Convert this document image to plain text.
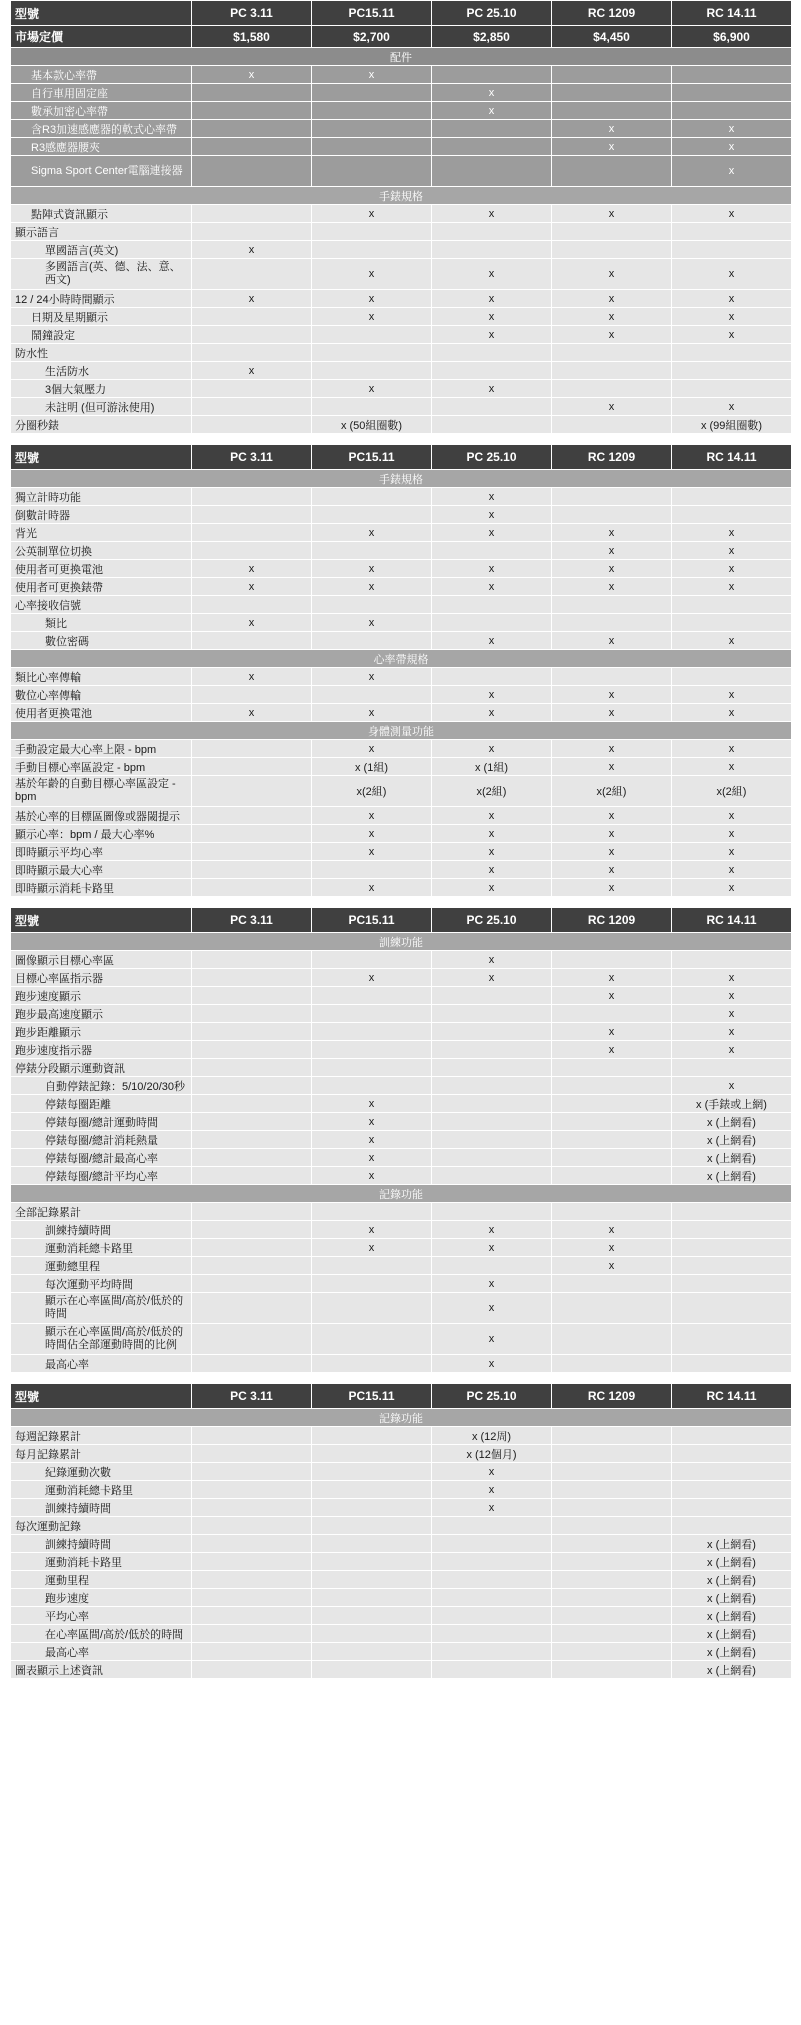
型號	PC 3.11	PC15.11	PC 25.10	RC 1209	RC 14.11
市場定價	$1,580	$2,700	$2,850	$4,450	$6,900
配件					
基本款心率帶	x	x			
自行車用固定座			x		
數承加密心率帶			x		
含R3加速感應器的軟式心率帶				x	x
R3感應器腰夾				x	x
Sigma Sport Center電腦連接器					x
手錶規格					
點陣式資訊顯示		x	x	x	x
顯示語言					
單國語言(英文)	x				
多國語言(英、德、法、意、西文)		x	x	x	x
12 / 24小時時間顯示	x	x	x	x	x
日期及星期顯示		x	x	x	x
鬧鐘設定			x	x	x
防水性					
生活防水	x				
3個大氣壓力		x	x		
未註明 (但可游泳使用)				x	x
分圈秒錶		x (50組圈數)			x (99組圈數)
型號	PC 3.11	PC15.11	PC 25.10	RC 1209	RC 14.11
手錶規格					
獨立計時功能			x		
倒數計時器			x		
背光		x	x	x	x
公英制單位切換				x	x
使用者可更換電池	x	x	x	x	x
使用者可更換錶帶	x	x	x	x	x
心率接收信號					
類比	x	x			
數位密碼			x	x	x
心率帶規格					
類比心率傳輸	x	x			
數位心率傳輸			x	x	x
使用者更換電池	x	x	x	x	x
身體測量功能					
手動設定最大心率上限 - bpm		x	x	x	x
手動目標心率區設定 - bpm		x (1組)	x (1組)	x	x
基於年齡的自動目標心率區設定 - bpm		x(2組)	x(2組)	x(2組)	x(2組)
基於心率的目標區圖像或器閾提示		x	x	x	x
顯示心率：bpm / 最大心率%		x	x	x	x
即時顯示平均心率		x	x	x	x
即時顯示最大心率			x	x	x
即時顯示消耗卡路里		x	x	x	x
型號	PC 3.11	PC15.11	PC 25.10	RC 1209	RC 14.11
訓練功能					
圖像顯示目標心率區			x		
目標心率區指示器		x	x	x	x
跑步速度顯示				x	x
跑步最高速度顯示					x
跑步距離顯示				x	x
跑步速度指示器				x	x
停錶分段顯示運動資訊					
自動停錶記錄：5/10/20/30秒					x
停錶每圈距離		x			x (手錶或上網)
停錶每圈/總計運動時間		x			x (上網看)
停錶每圈/總計消耗熱量		x			x (上網看)
停錶每圈/總計最高心率		x			x (上網看)
停錶每圈/總計平均心率		x			x (上網看)
記錄功能					
全部記錄累計					
訓練持續時間		x	x	x	
運動消耗總卡路里		x	x	x	
運動總里程				x	
每次運動平均時間			x		
顯示在心率區間/高於/低於的時間			x		
顯示在心率區間/高於/低於的時間佔全部運動時間的比例			x		
最高心率			x		
型號	PC 3.11	PC15.11	PC 25.10	RC 1209	RC 14.11
記錄功能					
每週記錄累計			x (12周)		
每月記錄累計			x (12個月)		
紀錄運動次數			x		
運動消耗總卡路里			x		
訓練持續時間			x		
每次運動記錄					
訓練持續時間					x (上網看)
運動消耗卡路里					x (上網看)
運動里程					x (上網看)
跑步速度					x (上網看)
平均心率					x (上網看)
在心率區間/高於/低於的時間					x (上網看)
最高心率					x (上網看)
圖表顯示上述資訊					x (上網看)
